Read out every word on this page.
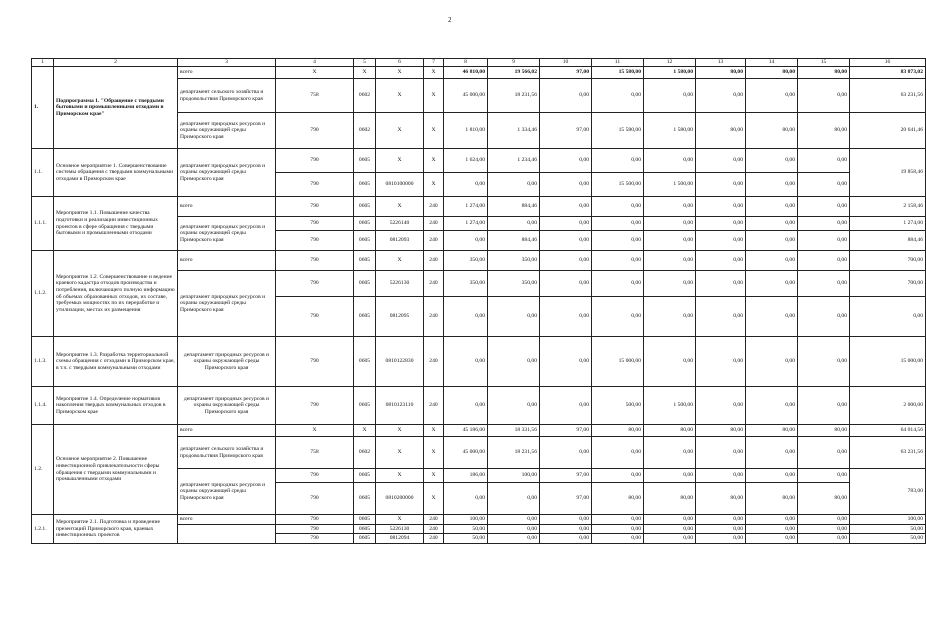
2
1	2	3	4	5	6	7	8	9	10	11	12	13	14	15	16
1.	Подпрограмма 1. "Обращение с твердыми бытовыми и промышленными отходами в Приморском крае"	всего	X	X	X	X	46 810,00	19 566,02	97,00	15 580,00	1 580,00	80,00	80,00	80,00	83 873,02
		департамент сельского хозяйства и продовольствия Приморского края	758	0602	X	X	45 000,00	18 231,56	0,00	0,00	0,00	0,00	0,00	0,00	63 231,56
		департамент природных ресурсов и охраны окружающей среды Приморского края	790	0602	X	X	1 810,00	1 334,46	97,00	15 580,00	1 580,00	80,00	80,00	80,00	20 641,46
1.1.	Основное мероприятие 1. Совершенствование системы обращения с твердыми коммунальными отходами в Приморском крае	департамент природных ресурсов и охраны окружающей среды Приморского края	790	0605	X	X	1 624,00	1 234,46	0,00	0,00	0,00	0,00	0,00	0,00	19 858,46
			790	0605	0810100000	X	0,00	0,00	0,00	15 500,00	1 500,00	0,00	0,00	0,00	
1.1.1.	Мероприятие 1.1. Повышение качества подготовки и реализации инвестиционных проектов в сфере обращения с твердыми бытовыми и промышленными отходами	всего	790	0605	X	240	1 274,00	884,46	0,00	0,00	0,00	0,00	0,00	0,00	2 158,46
		департамент природных ресурсов и охраны окружающей среды Приморского края	790	0605	5226140	240	1 274,00	0,00	0,00	0,00	0,00	0,00	0,00	0,00	1 274,00
			790	0605	0812093	240	0,00	884,46	0,00	0,00	0,00	0,00	0,00	0,00	884,46
1.1.2.	Мероприятие 1.2. Совершенствование и ведение краевого кадастра отходов производства и потребления, включающего полную информацию об объемах образованных отходов, их составе, требуемых мощностях по их переработке и утилизации, местах их размещения	всего	790	0605	X	240	350,00	350,00	0,00	0,00	0,00	0,00	0,00	0,00	700,00
		департамент природных ресурсов и охраны окружающей среды Приморского края	790	0605	5226130	240	350,00	350,00	0,00	0,00	0,00	0,00	0,00	0,00	700,00
			790	0605	0812095	240	0,00	0,00	0,00	0,00	0,00	0,00	0,00	0,00	0,00
1.1.3.	Мероприятие 1.3. Разработка территориальной схемы обращения с отходами в Приморском крае, в т.ч. с твердыми коммунальными отходами	департамент природных ресурсов и охраны окружающей среды Приморского края	790	0605	0810122830	240	0,00	0,00	0,00	15 000,00	0,00	0,00	0,00	0,00	15 000,00
1.1.4.	Мероприятие 1.4. Определение нормативов накопления твердых коммунальных отходов в Приморском крае	департамент природных ресурсов и охраны окружающей среды Приморского края	790	0605	0810123110	240	0,00	0,00	0,00	500,00	1 500,00	0,00	0,00	0,00	2 000,00
1.2.	Основное мероприятие 2. Повышение инвестиционной привлекательности сферы обращения с твердыми коммунальными и промышленными отходами	всего	X	X	X	X	45 186,00	18 331,56	97,00	80,00	80,00	80,00	80,00	80,00	64 014,56
		департамент сельского хозяйства и продовольствия Приморского края	758	0602	X	X	45 000,00	18 231,56	0,00	0,00	0,00	0,00	0,00	0,00	63 231,56
		департамент природных ресурсов и охраны окружающей среды Приморского края	790	0605	X	X	186,00	100,00	97,00	0,00	0,00	0,00	0,00	0,00	783,00
			790	0605	0810200000	X	0,00	0,00	97,00	80,00	80,00	80,00	80,00	80,00	
1.2.1.	Мероприятие 2.1. Подготовка и проведение презентаций Приморского края, краевых инвестиционных проектов	всего	790	0605	X	240	100,00	0,00	0,00	0,00	0,00	0,00	0,00	0,00	100,00
			790	0605	5226130	240	50,00	0,00	0,00	0,00	0,00	0,00	0,00	0,00	50,00
			790	0605	0812094	240	50,00	0,00	0,00	0,00	0,00	0,00	0,00	0,00	50,00
